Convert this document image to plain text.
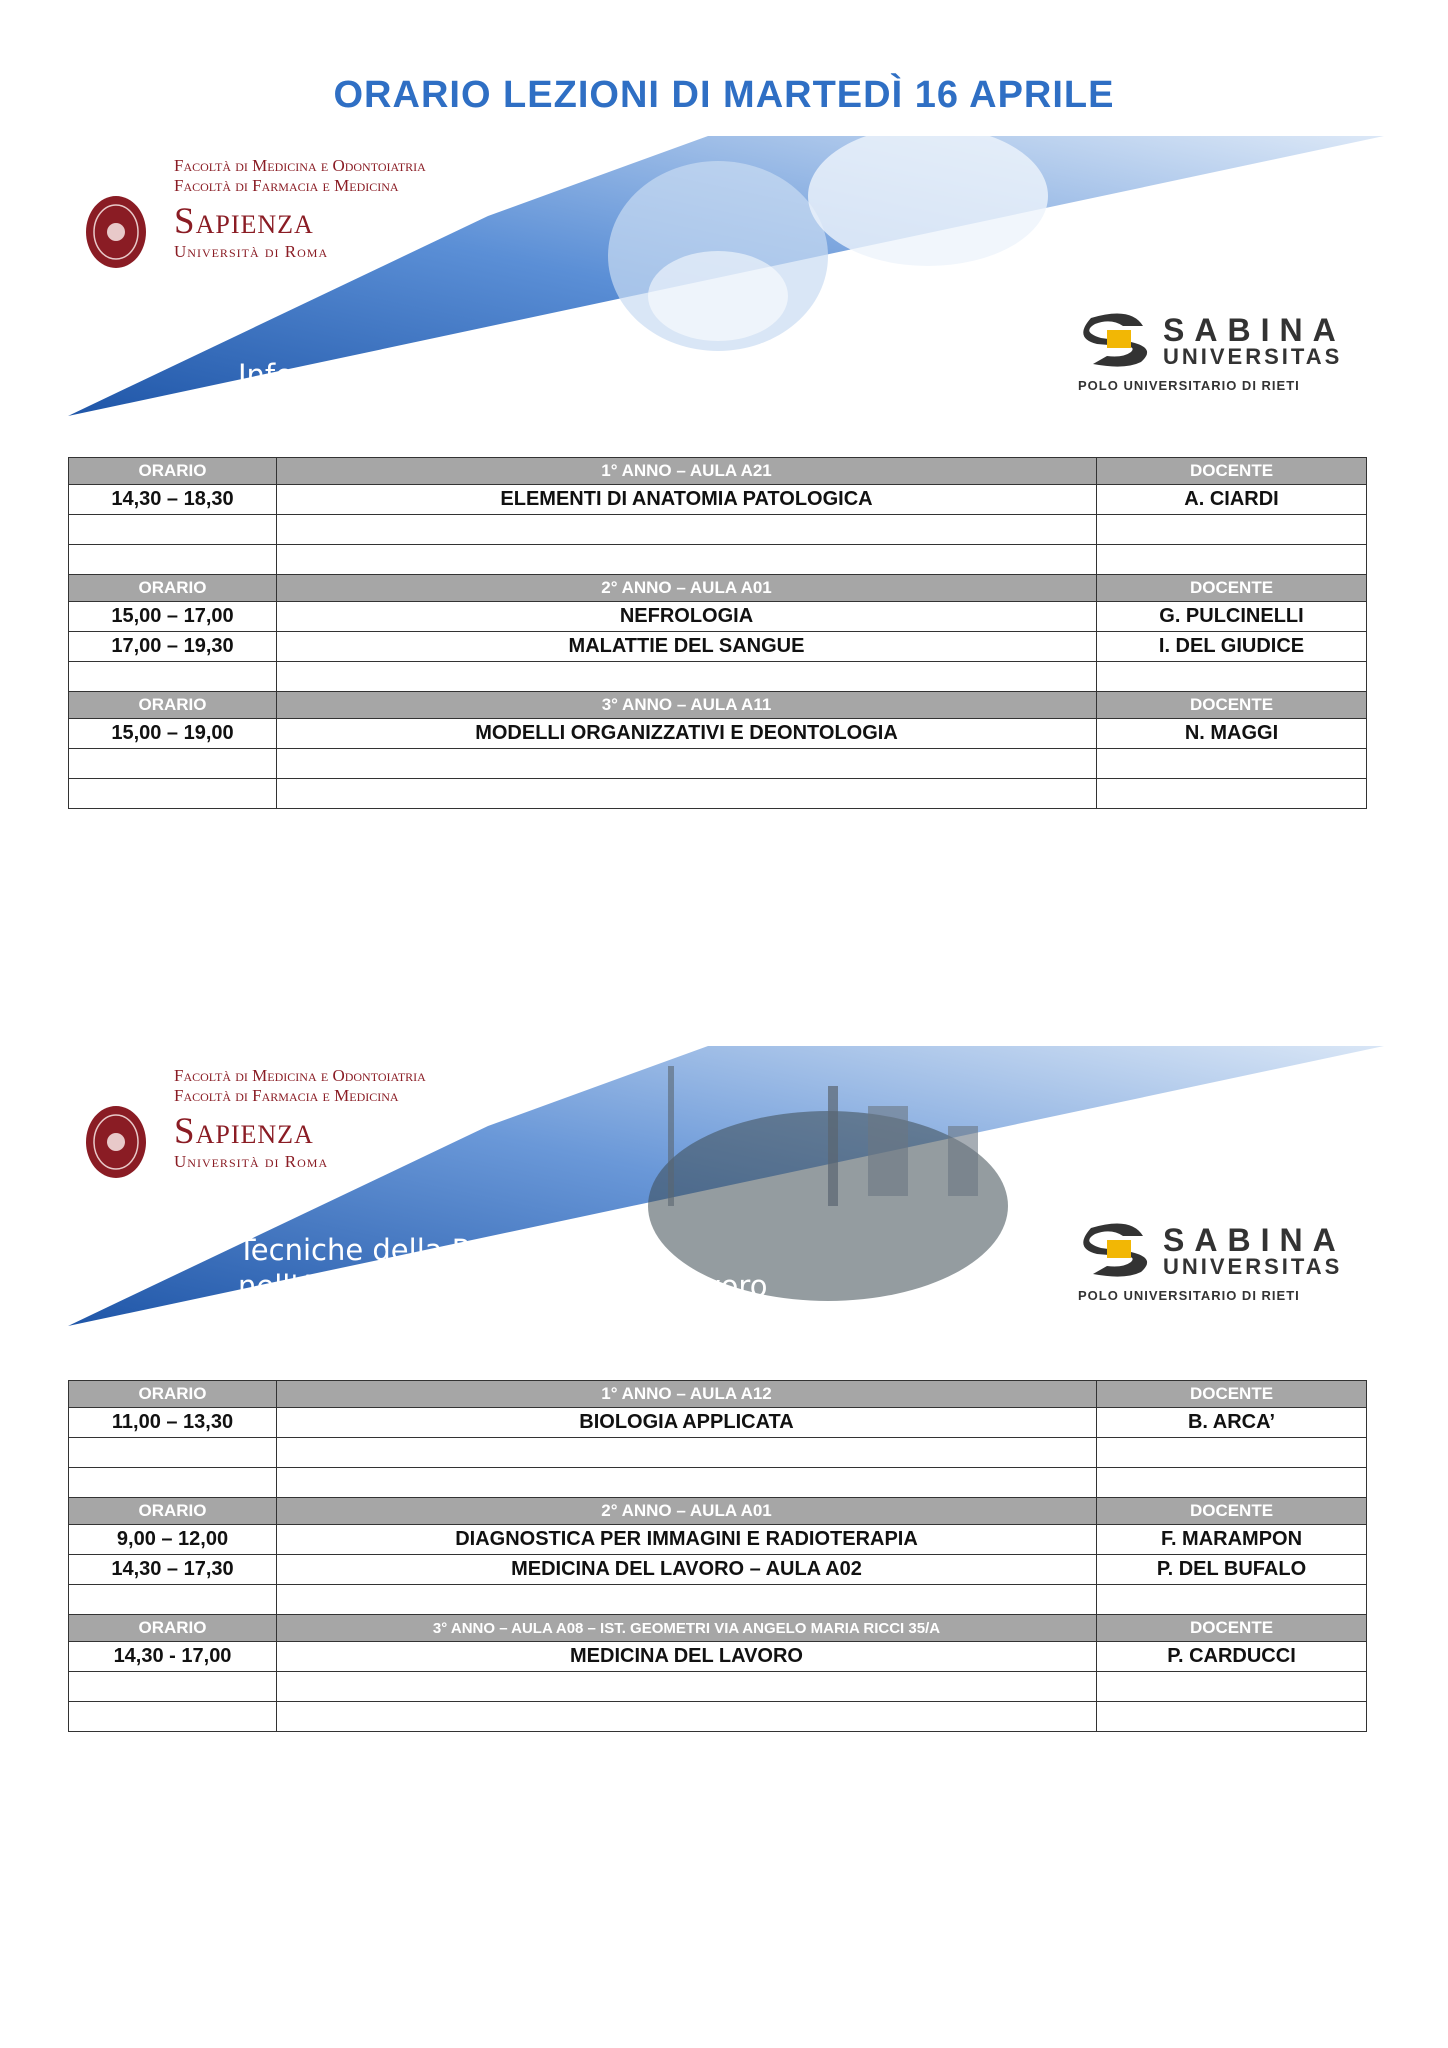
ORARIO LEZIONI DI MARTEDÌ 16 APRILE
Facoltà di Medicina e Odontoiatria
Facoltà di Farmacia e Medicina
Sapienza
Università di Roma
Infermieristica
SABINA
UNIVERSITAS
POLO UNIVERSITARIO DI RIETI
ORARIO	1° ANNO – AULA A21	DOCENTE
14,30 – 18,30	ELEMENTI DI ANATOMIA PATOLOGICA	A. CIARDI

ORARIO	2° ANNO – AULA A01	DOCENTE
15,00 – 17,00	NEFROLOGIA	G. PULCINELLI
17,00 – 19,30	MALATTIE DEL SANGUE	I. DEL GIUDICE

ORARIO	3° ANNO – AULA A11	DOCENTE
15,00 – 19,00	MODELLI ORGANIZZATIVI E DEONTOLOGIA	N. MAGGI

Facoltà di Medicina e Odontoiatria
Facoltà di Farmacia e Medicina
Sapienza
Università di Roma
Tecniche della Prevenzione
nell'Ambiente e nei Luoghi di Lavoro
SABINA
UNIVERSITAS
POLO UNIVERSITARIO DI RIETI
ORARIO	1° ANNO – AULA A12	DOCENTE
11,00 – 13,30	BIOLOGIA APPLICATA	B. ARCA’

ORARIO	2° ANNO – AULA A01	DOCENTE
9,00 – 12,00	DIAGNOSTICA PER IMMAGINI E RADIOTERAPIA	F. MARAMPON
14,30 – 17,30	MEDICINA DEL LAVORO – AULA A02	P. DEL BUFALO

ORARIO	3° ANNO – AULA A08 – IST. GEOMETRI VIA ANGELO MARIA RICCI 35/A	DOCENTE
14,30 - 17,00	MEDICINA DEL LAVORO	P. CARDUCCI
